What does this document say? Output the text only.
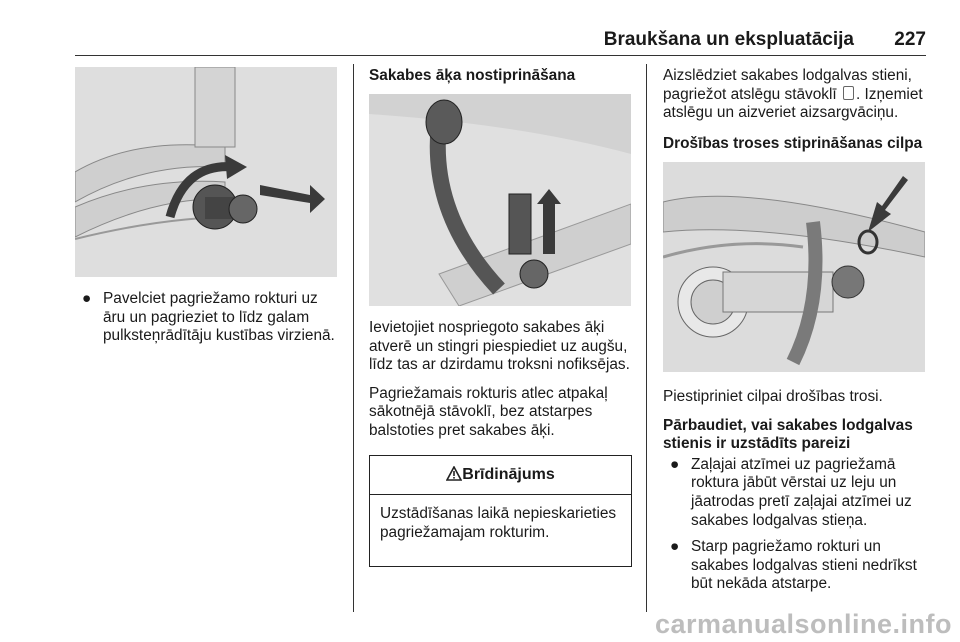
Braukšana un ekspluatācija 227
● Pavelciet pagriežamo rokturi uz āru un pagrieziet to līdz galam pulksteņrādītāju kustības virzienā.
Sakabes āķa nostiprināšana

Ievietojiet nospriegoto sakabes āķi atverē un stingri piespiediet uz augšu, līdz tas ar dzirdamu troksni nofiksējas.

Pagriežamais rokturis atlec atpakaļ sākotnējā stāvoklī, bez atstarpes balstoties pret sakabes āķi.

Brīdinājums
Uzstādīšanas laikā nepieskarieties pagriežamajam rokturim.

Aizslēdziet sakabes lodgalvas stieni, pagriežot atslēgu stāvoklī . Izņemiet atslēgu un aizveriet aizsargvāciņu.

Drošības troses stiprināšanas cilpa

Piestipriniet cilpai drošības trosi.

Pārbaudiet, vai sakabes lodgalvas stienis ir uzstādīts pareizi
● Zaļajai atzīmei uz pagriežamā roktura jābūt vērstai uz leju un jāatrodas pretī zaļajai atzīmei uz sakabes lodgalvas stieņa.
● Starp pagriežamo rokturi un sakabes lodgalvas stieni nedrīkst būt nekāda atstarpe.
carmanualsonline.info
